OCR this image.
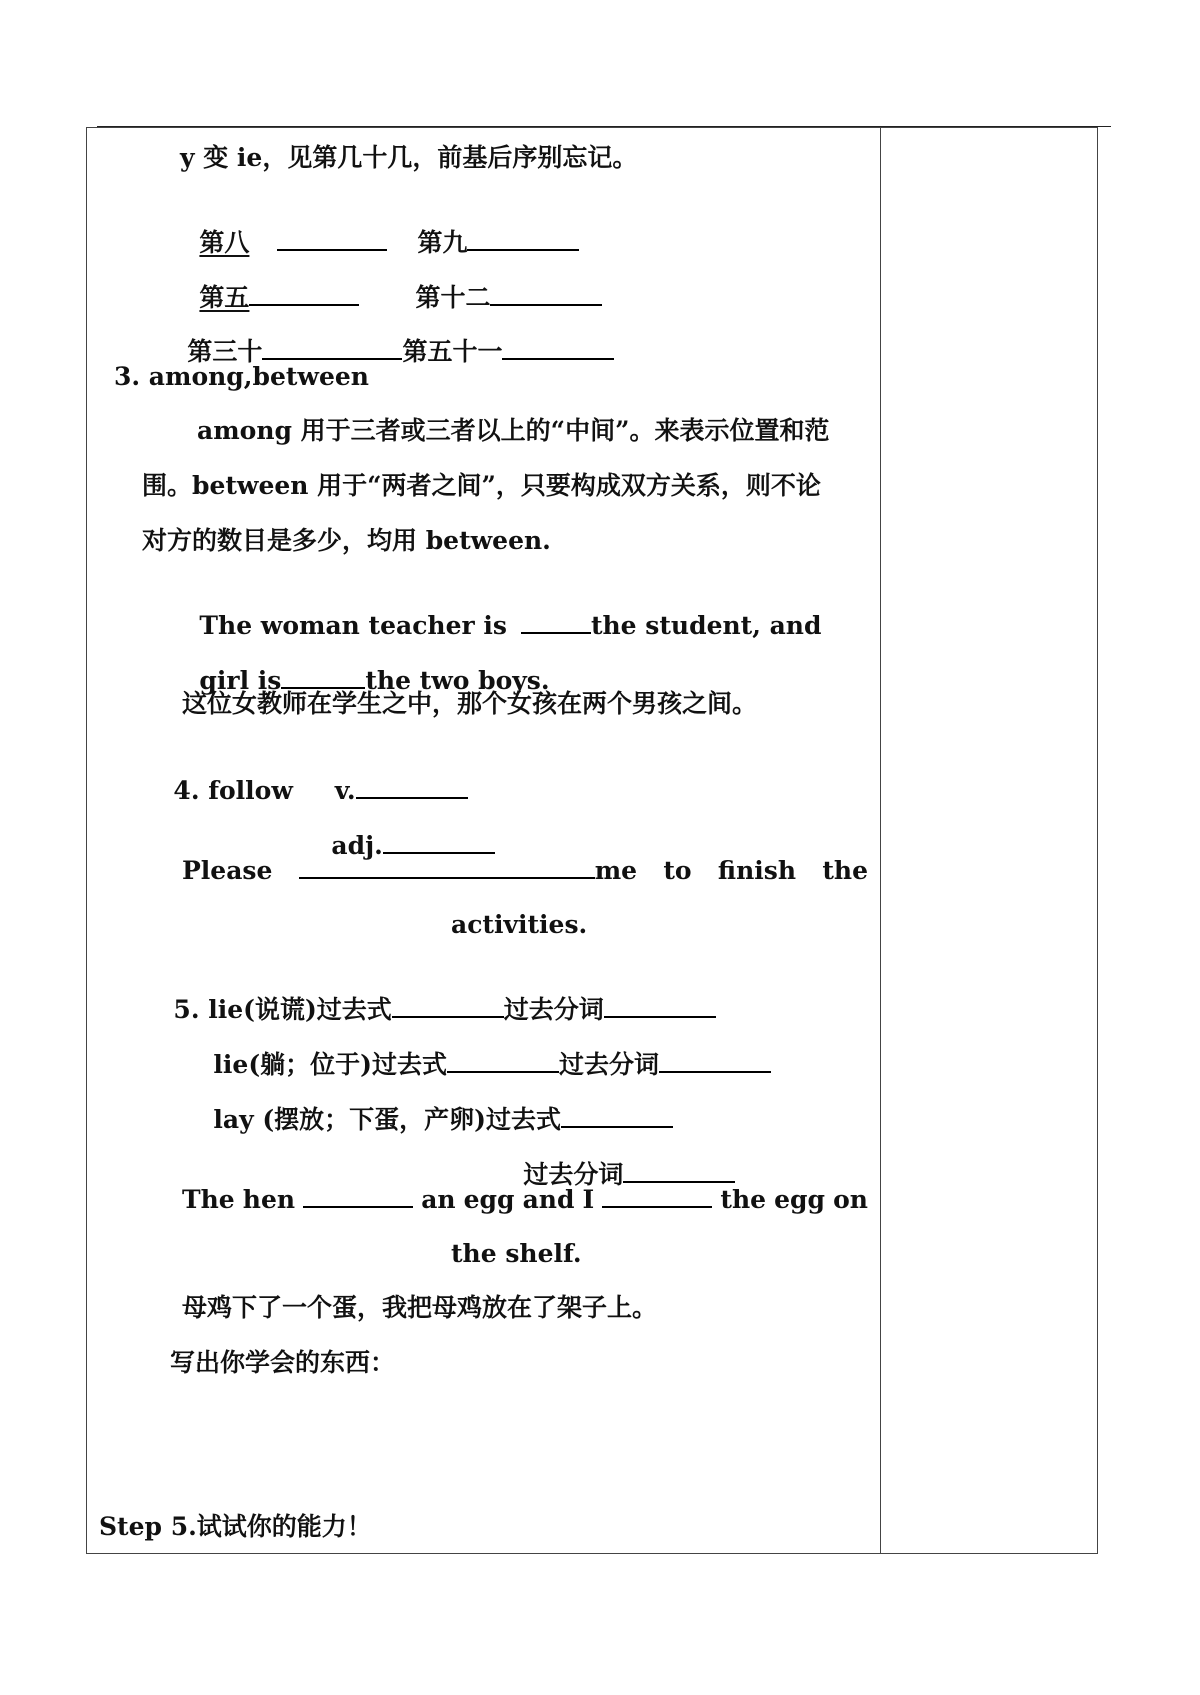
y 变 ie，见第几十几，前基后序别忘记。

第八	第九

第五	第十二

第三十	第五十一

3. among,between
among 用于三者或三者以上的“中间”。来表示位置和范
围。between 用于“两者之间”，只要构成双方关系，则不论
对方的数目是多少，均用 between.

The woman teacher is	the student, and

girl is	the two boys.

这位女教师在学生之中，那个女孩在两个男孩之间。

4. follow v.

adj.

Please	me to finish the
activities.

5. lie(说谎)过去式	过去分词

lie(躺；位于)过去式	过去分词

lay (摆放；下蛋，产卵)过去式

过去分词

The hen	an egg and I	the egg on
the shelf.
母鸡下了一个蛋，我把母鸡放在了架子上。
写出你学会的东西：
Step 5.试试你的能力！
